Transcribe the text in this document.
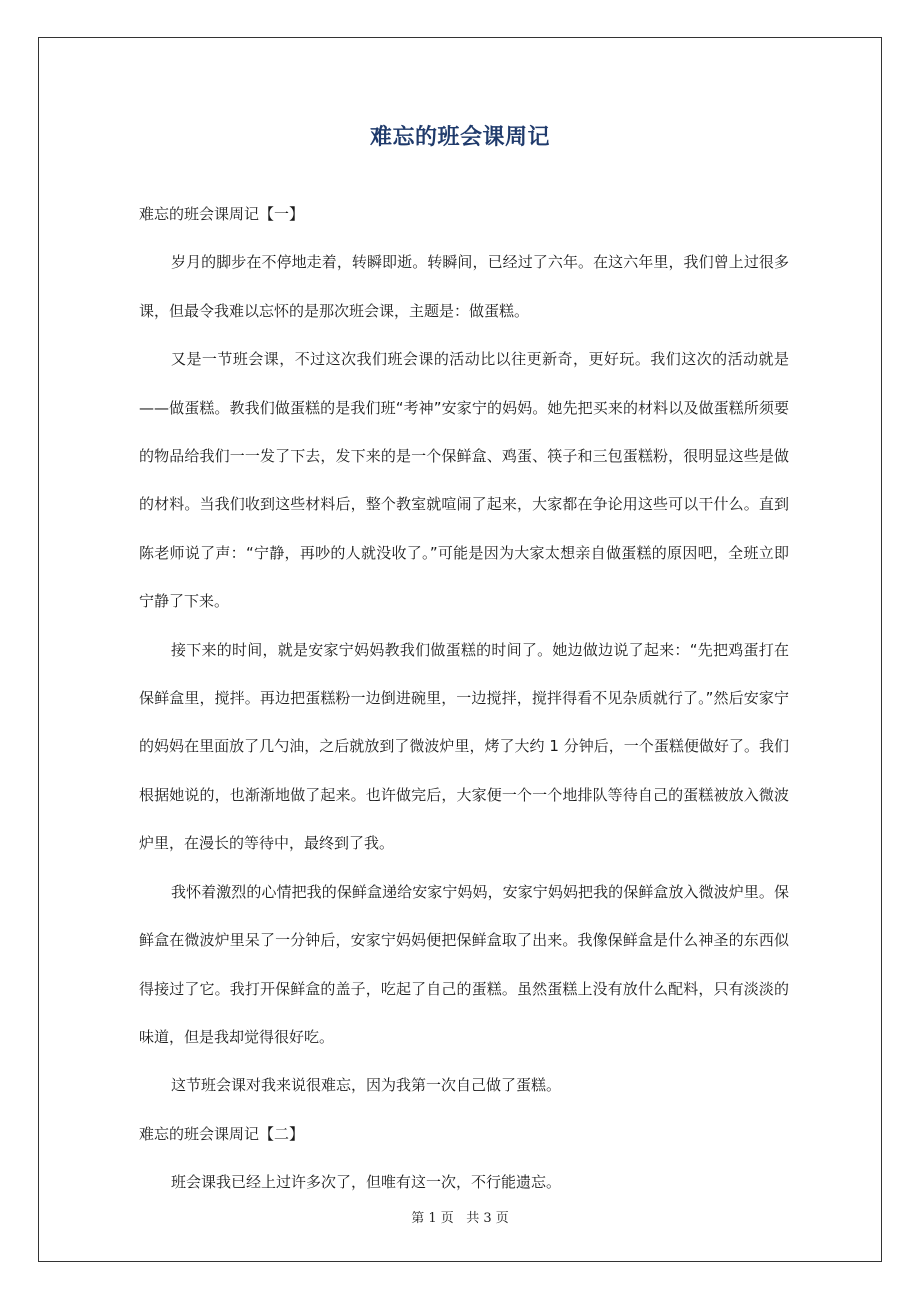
难忘的班会课周记

难忘的班会课周记【一】

岁月的脚步在不停地走着，转瞬即逝。转瞬间，已经过了六年。在这六年里，我们曾上过很多课，但最令我难以忘怀的是那次班会课，主题是：做蛋糕。

又是一节班会课，不过这次我们班会课的活动比以往更新奇，更好玩。我们这次的活动就是——做蛋糕。教我们做蛋糕的是我们班“考神”安家宁的妈妈。她先把买来的材料以及做蛋糕所须要的物品给我们一一发了下去，发下来的是一个保鲜盒、鸡蛋、筷子和三包蛋糕粉，很明显这些是做的材料。当我们收到这些材料后，整个教室就喧闹了起来，大家都在争论用这些可以干什么。直到陈老师说了声：“宁静，再吵的人就没收了。”可能是因为大家太想亲自做蛋糕的原因吧，全班立即宁静了下来。

接下来的时间，就是安家宁妈妈教我们做蛋糕的时间了。她边做边说了起来：“先把鸡蛋打在保鲜盒里，搅拌。再边把蛋糕粉一边倒进碗里，一边搅拌，搅拌得看不见杂质就行了。”然后安家宁的妈妈在里面放了几勺油，之后就放到了微波炉里，烤了大约 1 分钟后，一个蛋糕便做好了。我们根据她说的，也渐渐地做了起来。也许做完后，大家便一个一个地排队等待自己的蛋糕被放入微波炉里，在漫长的等待中，最终到了我。

我怀着激烈的心情把我的保鲜盒递给安家宁妈妈，安家宁妈妈把我的保鲜盒放入微波炉里。保鲜盒在微波炉里呆了一分钟后，安家宁妈妈便把保鲜盒取了出来。我像保鲜盒是什么神圣的东西似得接过了它。我打开保鲜盒的盖子，吃起了自己的蛋糕。虽然蛋糕上没有放什么配料，只有淡淡的味道，但是我却觉得很好吃。

这节班会课对我来说很难忘，因为我第一次自己做了蛋糕。

难忘的班会课周记【二】

班会课我已经上过许多次了，但唯有这一次，不行能遗忘。

第 1 页 共 3 页
